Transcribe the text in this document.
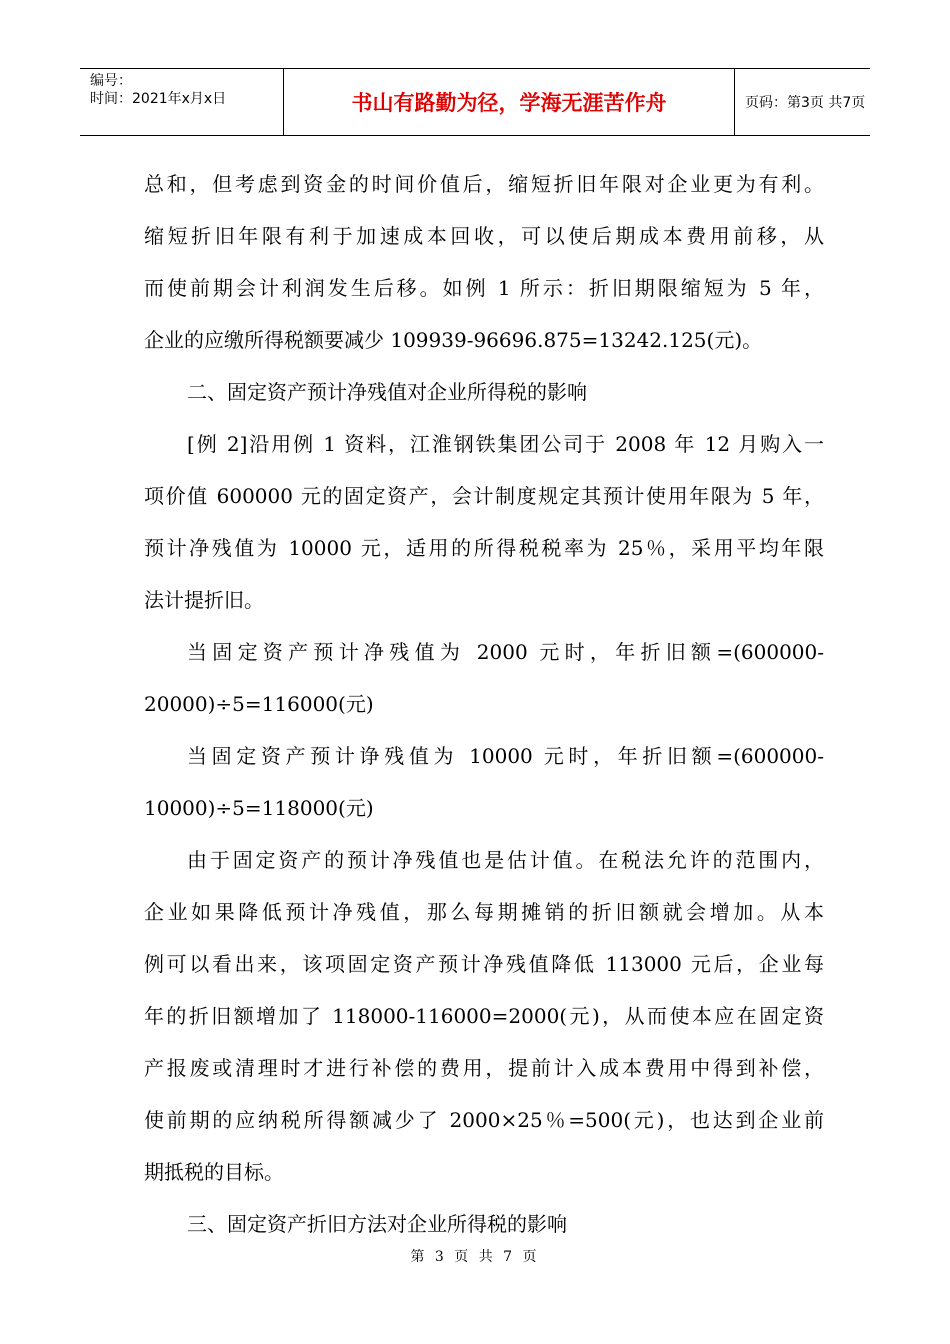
编号：
时间：2021年x月x日	书山有路勤为径，学海无涯苦作舟	页码：第3页 共7页
总和，但考虑到资金的时间价值后，缩短折旧年限对企业更为有利。
缩短折旧年限有利于加速成本回收，可以使后期成本费用前移，从
而使前期会计利润发生后移。如例 1 所示：折旧期限缩短为 5 年，
企业的应缴所得税额要减少 109939-96696.875=13242.125(元)。
二、固定资产预计净残值对企业所得税的影响
[例 2]沿用例 1 资料，江淮钢铁集团公司于 2008 年 12 月购入一
项价值 600000 元的固定资产，会计制度规定其预计使用年限为 5 年，
预计净残值为 10000 元，适用的所得税税率为 25％，采用平均年限
法计提折旧。
当固定资产预计净残值为 2000 元时，年折旧额=(600000-
20000)÷5=116000(元)
当固定资产预计诤残值为 10000 元时，年折旧额=(600000-
10000)÷5=118000(元)
由于固定资产的预计净残值也是估计值。在税法允许的范围内，
企业如果降低预计净残值，那么每期摊销的折旧额就会增加。从本
例可以看出来，该项固定资产预计净残值降低 113000 元后，企业每
年的折旧额增加了 118000-116000=2000(元)，从而使本应在固定资
产报废或清理时才进行补偿的费用，提前计入成本费用中得到补偿，
使前期的应纳税所得额减少了 2000×25％=500(元)，也达到企业前
期抵税的目标。
三、固定资产折旧方法对企业所得税的影响
第 3 页 共 7 页
